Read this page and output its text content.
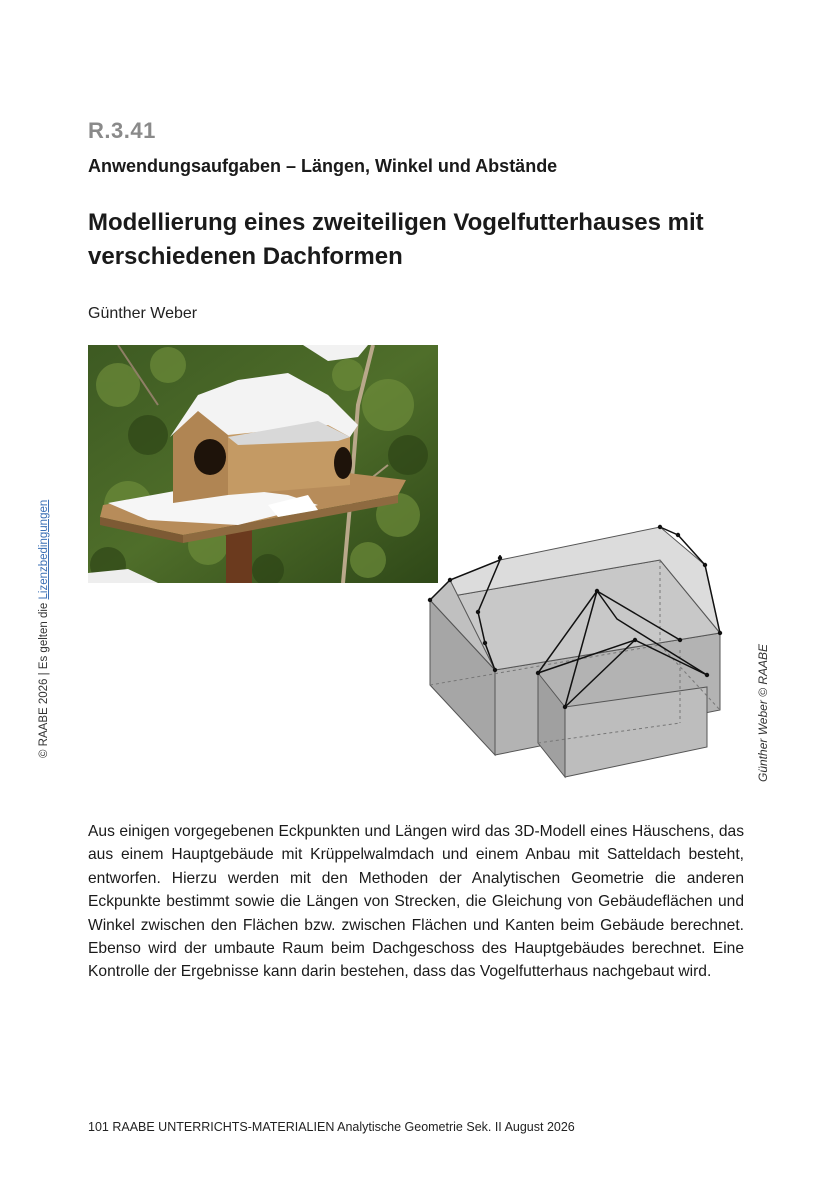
R.3.41
Anwendungsaufgaben – Längen, Winkel und Abstände
Modellierung eines zweiteiligen Vogelfutterhauses mit verschiedenen Dachformen
Günther Weber
© RAABE 2026 | Es gelten die Lizenzbedingungen
Günther Weber © RAABE
Aus einigen vorgegebenen Eckpunkten und Längen wird das 3D-Modell eines Häuschens, das aus einem Hauptgebäude mit Krüppelwalmdach und einem Anbau mit Satteldach besteht, entworfen. Hierzu werden mit den Methoden der Analytischen Geometrie die anderen Eckpunkte bestimmt sowie die Längen von Strecken, die Gleichung von Gebäudeflächen und Winkel zwischen den Flächen bzw. zwischen Flächen und Kanten beim Gebäude berechnet. Ebenso wird der umbaute Raum beim Dachgeschoss des Hauptgebäudes berechnet. Eine Kontrolle der Ergebnisse kann darin bestehen, dass das Vogelfutterhaus nachgebaut wird.
101 RAABE UNTERRICHTS-MATERIALIEN Analytische Geometrie Sek. II August 2026
